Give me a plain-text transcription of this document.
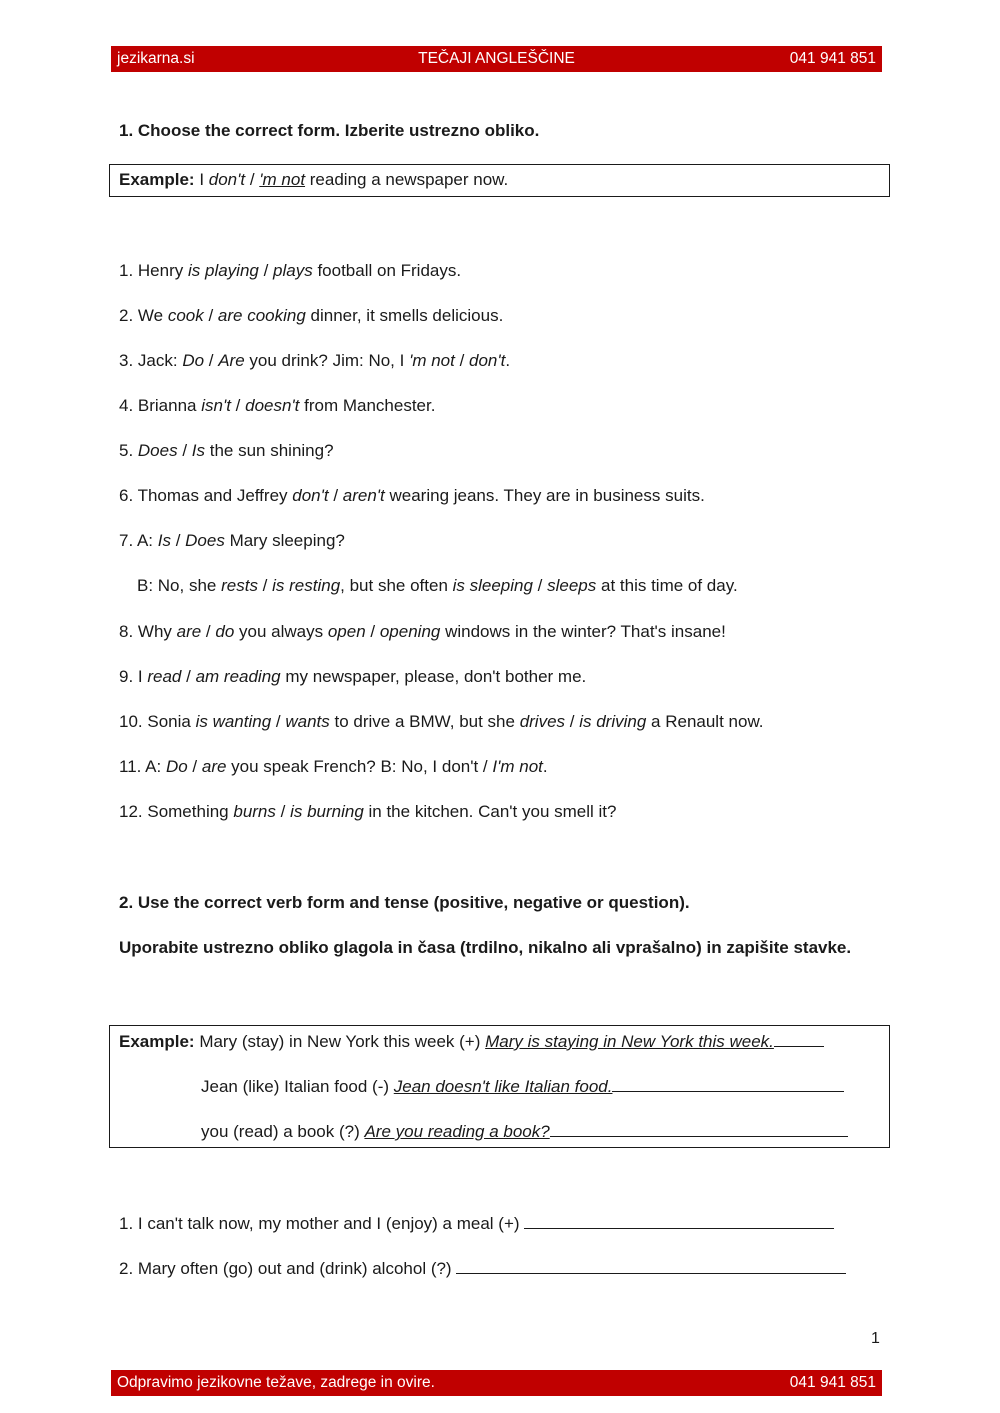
jezikarna.si	TEČAJI ANGLEŠČINE	041 941 851
1. Choose the correct form. Izberite ustrezno obliko.
Example: I don't / 'm not reading a newspaper now.
1. Henry is playing / plays football on Fridays.
2. We cook / are cooking dinner, it smells delicious.
3. Jack: Do / Are you drink? Jim: No, I 'm not / don't.
4. Brianna isn't / doesn't from Manchester.
5. Does / Is the sun shining?
6. Thomas and Jeffrey don't / aren't wearing jeans. They are in business suits.
7. A: Is / Does Mary sleeping?
B: No, she rests / is resting, but she often is sleeping / sleeps at this time of day.
8. Why are / do you always open / opening windows in the winter? That's insane!
9. I read / am reading my newspaper, please, don't bother me.
10. Sonia is wanting / wants to drive a BMW, but she drives / is driving a Renault now.
11. A: Do / are you speak French? B: No, I don't / I'm not.
12. Something burns / is burning in the kitchen. Can't you smell it?
2. Use the correct verb form and tense (positive, negative or question).
Uporabite ustrezno obliko glagola in časa (trdilno, nikalno ali vprašalno) in zapišite stavke.
Example: Mary (stay) in New York this week (+) Mary is staying in New York this week.
Jean (like) Italian food (-) Jean doesn't like Italian food.
you (read) a book (?) Are you reading a book?
1. I can't talk now, my mother and I (enjoy) a meal (+)
2. Mary often (go) out and (drink) alcohol (?)
1
Odpravimo jezikovne težave, zadrege in ovire.	041 941 851
